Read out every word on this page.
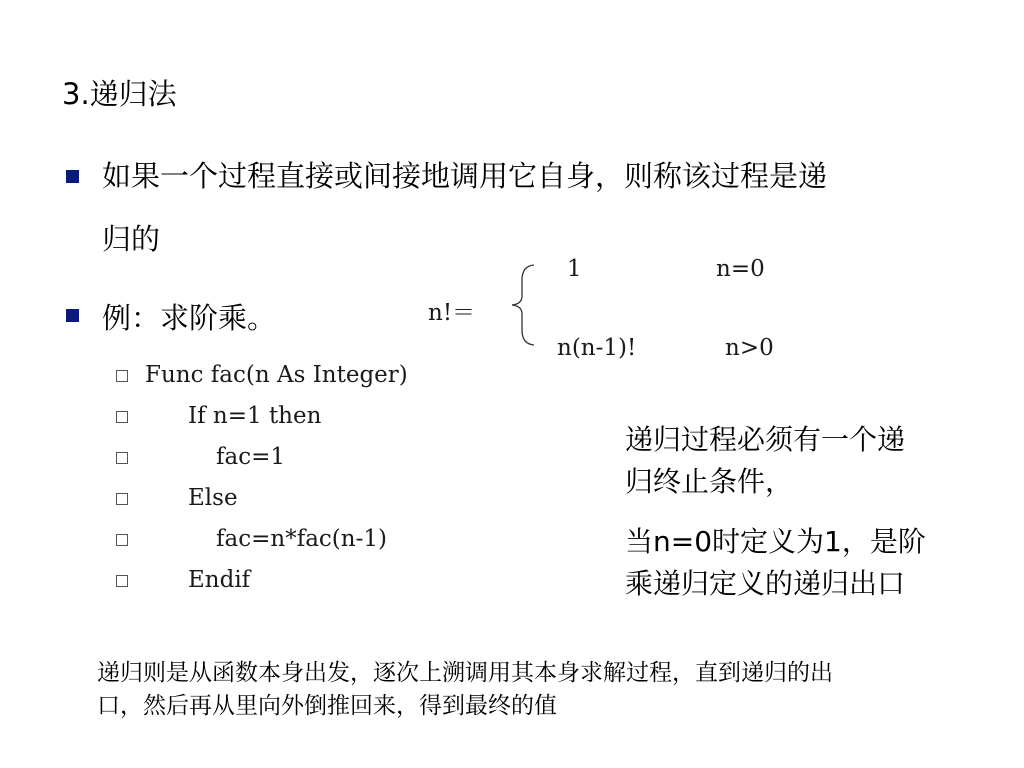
3.递归法
如果一个过程直接或间接地调用它自身，则称该过程是递
归的
例：求阶乘。	n!＝
1	n=0
n(n-1)!	n>0
Func fac(n As Integer)
If n=1 then
fac=1
Else
fac=n*fac(n-1)
Endif
递归过程必须有一个递
归终止条件，
当n=0时定义为1，是阶
乘递归定义的递归出口
递归则是从函数本身出发，逐次上溯调用其本身求解过程，直到递归的出
口，然后再从里向外倒推回来，得到最终的值
